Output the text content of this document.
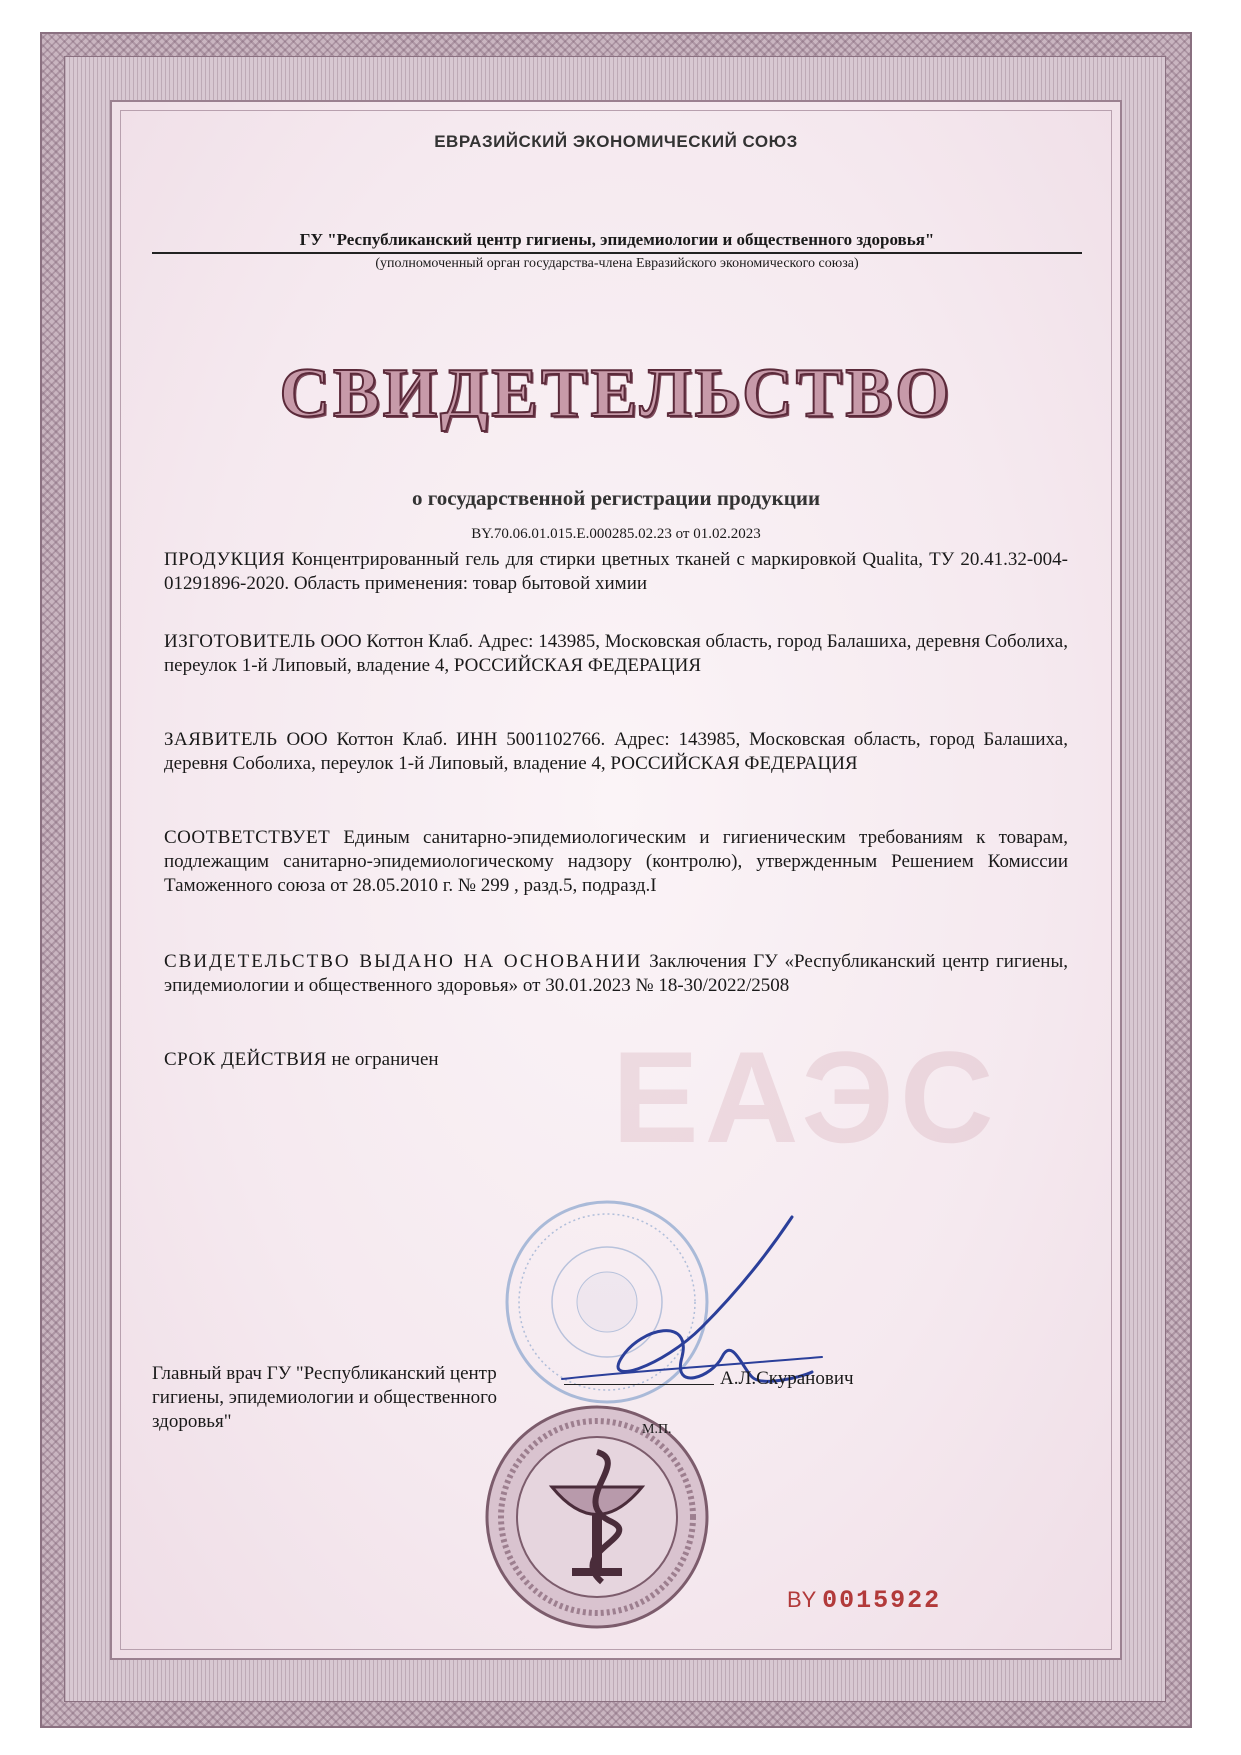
ЕВРАЗИЙСКИЙ ЭКОНОМИЧЕСКИЙ СОЮЗ
ГУ "Республиканский центр гигиены, эпидемиологии и общественного здоровья"
(уполномоченный орган государства-члена Евразийского экономического союза)
СВИДЕТЕЛЬСТВО
о государственной регистрации продукции
BY.70.06.01.015.E.000285.02.23 от 01.02.2023
ЕАЭС
ПРОДУКЦИЯ Концентрированный гель для стирки цветных тканей с маркировкой Qualita, ТУ 20.41.32-004-01291896-2020. Область применения: товар бытовой химии
ИЗГОТОВИТЕЛЬ ООО Коттон Клаб. Адрес: 143985, Московская область, город Балашиха, деревня Соболиха, переулок 1-й Липовый, владение 4, РОССИЙСКАЯ ФЕДЕРАЦИЯ
ЗАЯВИТЕЛЬ ООО Коттон Клаб. ИНН 5001102766. Адрес: 143985, Московская область, город Балашиха, деревня Соболиха, переулок 1-й Липовый, владение 4, РОССИЙСКАЯ ФЕДЕРАЦИЯ
СООТВЕТСТВУЕТ Единым санитарно-эпидемиологическим и гигиеническим требованиям к товарам, подлежащим санитарно-эпидемиологическому надзору (контролю), утвержденным Решением Комиссии Таможенного союза от 28.05.2010 г. № 299 , разд.5, подразд.I
СВИДЕТЕЛЬСТВО ВЫДАНО НА ОСНОВАНИИ Заключения ГУ «Республиканский центр гигиены, эпидемиологии и общественного здоровья» от 30.01.2023 № 18-30/2022/2508
СРОК ДЕЙСТВИЯ не ограничен
Главный врач ГУ "Республиканский центр гигиены, эпидемиологии и общественного здоровья"
А.Л.Скуранович
М.П.
BY 0015922
